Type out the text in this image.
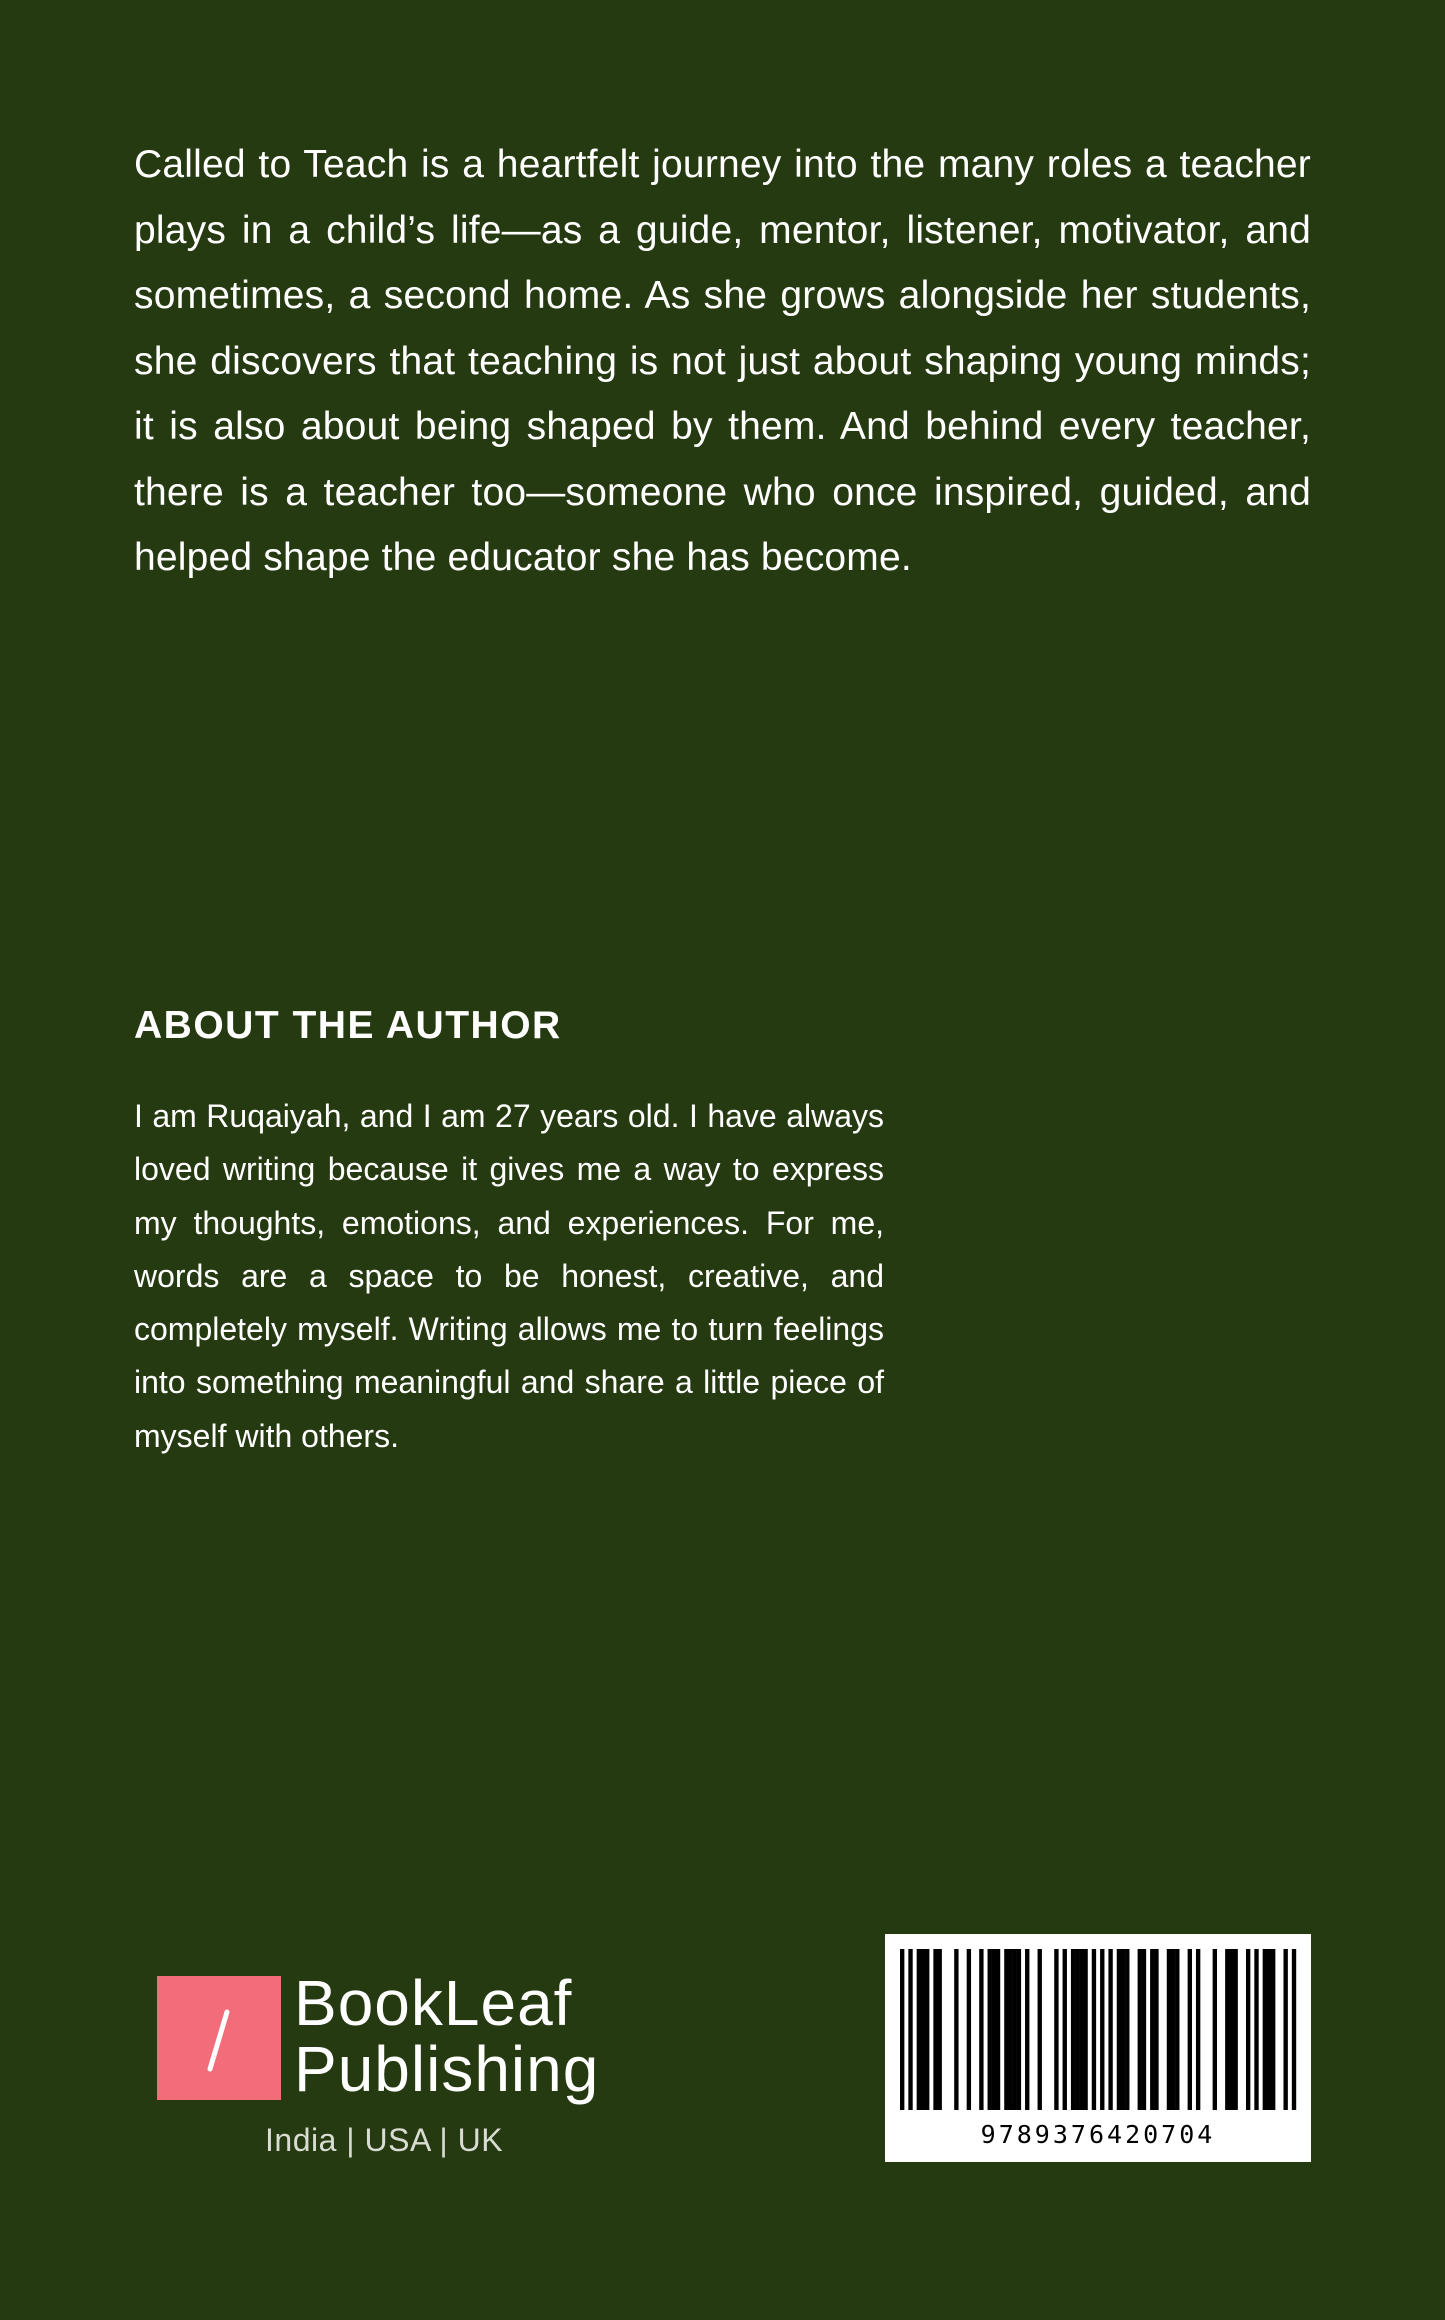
Called to Teach is a heartfelt journey into the many roles a teacher plays in a child’s life—as a guide, mentor, listener, motivator, and sometimes, a second home. As she grows alongside her students, she discovers that teaching is not just about shaping young minds; it is also about being shaped by them. And behind every teacher, there is a teacher too—someone who once inspired, guided, and helped shape the educator she has become.

ABOUT THE AUTHOR

I am Ruqaiyah, and I am 27 years old. I have always loved writing because it gives me a way to express my thoughts, emotions, and experiences. For me, words are a space to be honest, creative, and completely myself. Writing allows me to turn feelings into something meaningful and share a little piece of myself with others.

BookLeaf
Publishing
India | USA | UK	9789376420704
